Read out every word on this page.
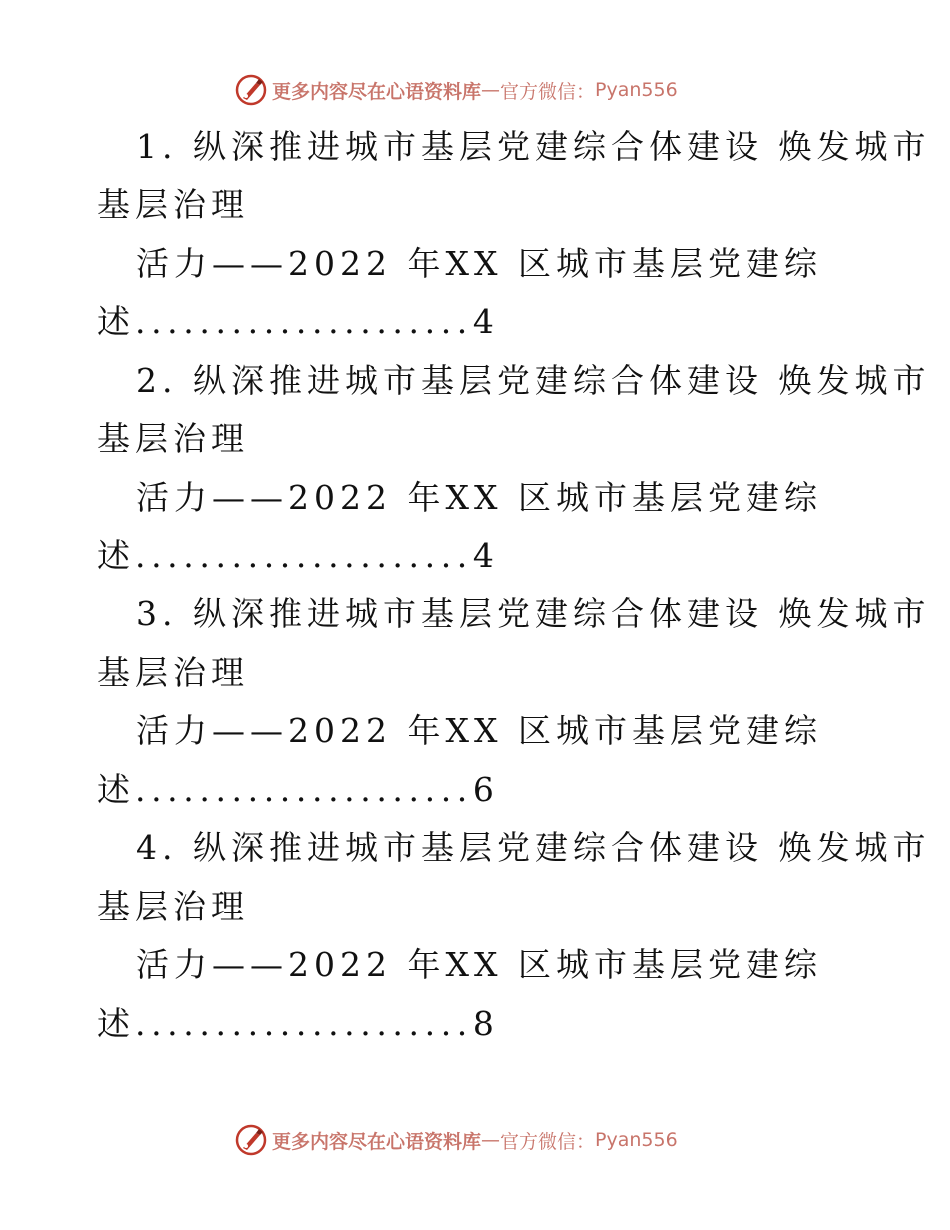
更多内容尽在心语资料库 — 官方微信： Pyan556
1. 纵深推进城市基层党建综合体建设 焕发城市
基层治理
活力——2022 年XX 区城市基层党建综
述.....................4
2. 纵深推进城市基层党建综合体建设 焕发城市
基层治理
活力——2022 年XX 区城市基层党建综
述.....................4
3. 纵深推进城市基层党建综合体建设 焕发城市
基层治理
活力——2022 年XX 区城市基层党建综
述.....................6
4. 纵深推进城市基层党建综合体建设 焕发城市
基层治理
活力——2022 年XX 区城市基层党建综
述.....................8
更多内容尽在心语资料库 — 官方微信： Pyan556
